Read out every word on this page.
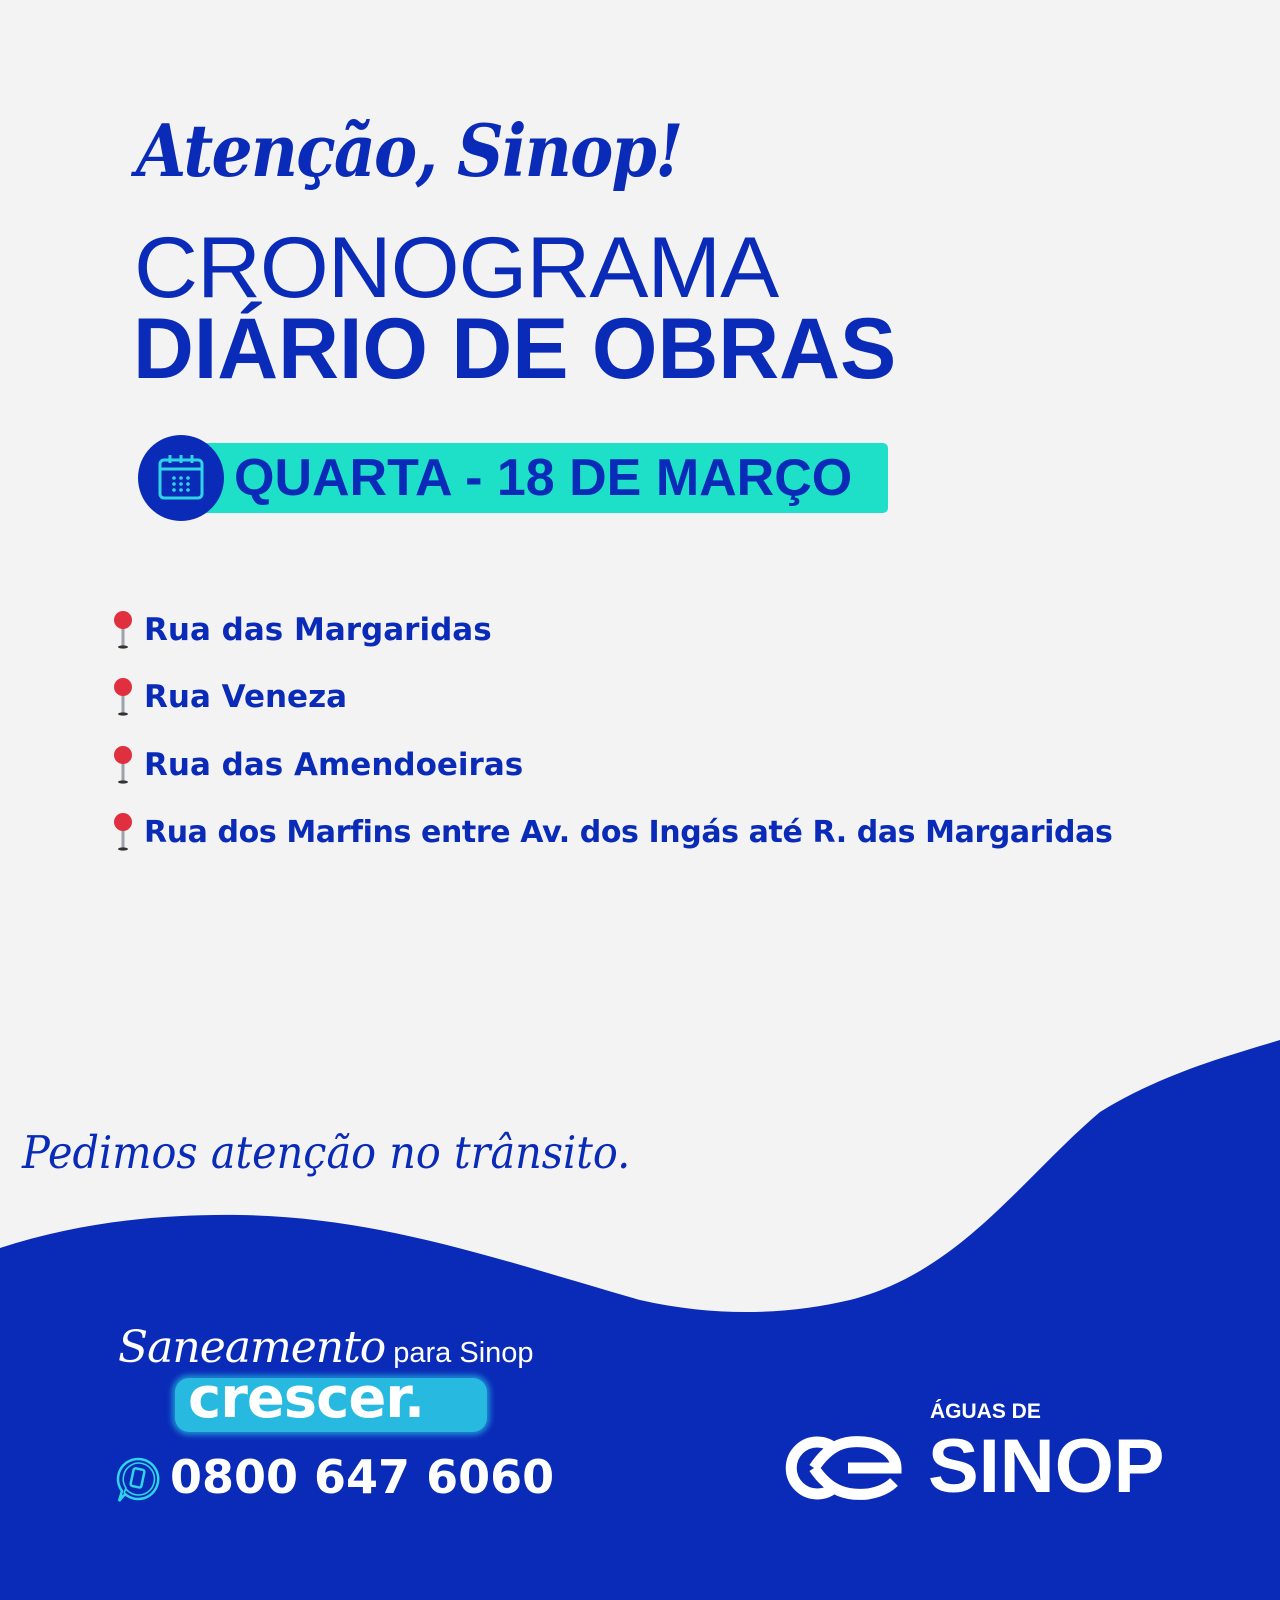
Atenção, Sinop!
CRONOGRAMA
DIÁRIO DE OBRAS
QUARTA - 18 DE MARÇO
Rua das Margaridas
Rua Veneza
Rua das Amendoeiras
Rua dos Marfins entre Av. dos Ingás até R. das Margaridas
Pedimos atenção no trânsito.
Saneamento para Sinop
crescer.
0800 647 6060
ÁGUAS DE
SINOP
